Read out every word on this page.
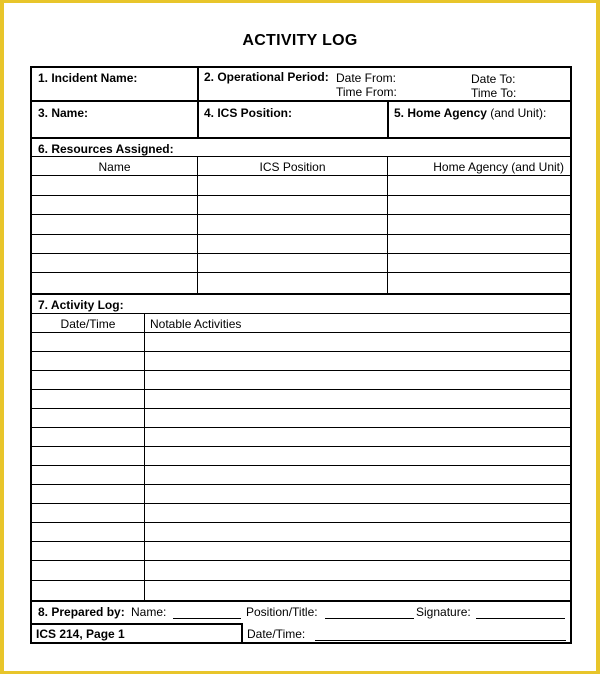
ACTIVITY LOG
1. Incident Name:	2. Operational Period: Date From:	Date To:
Time From:	Time To:
3. Name:	4. ICS Position:	5. Home Agency (and Unit):
6. Resources Assigned:
Name	ICS Position	Home Agency (and Unit)
7. Activity Log:
Date/Time	Notable Activities
8. Prepared by: Name:	Position/Title:	Signature:
ICS 214, Page 1	Date/Time:
